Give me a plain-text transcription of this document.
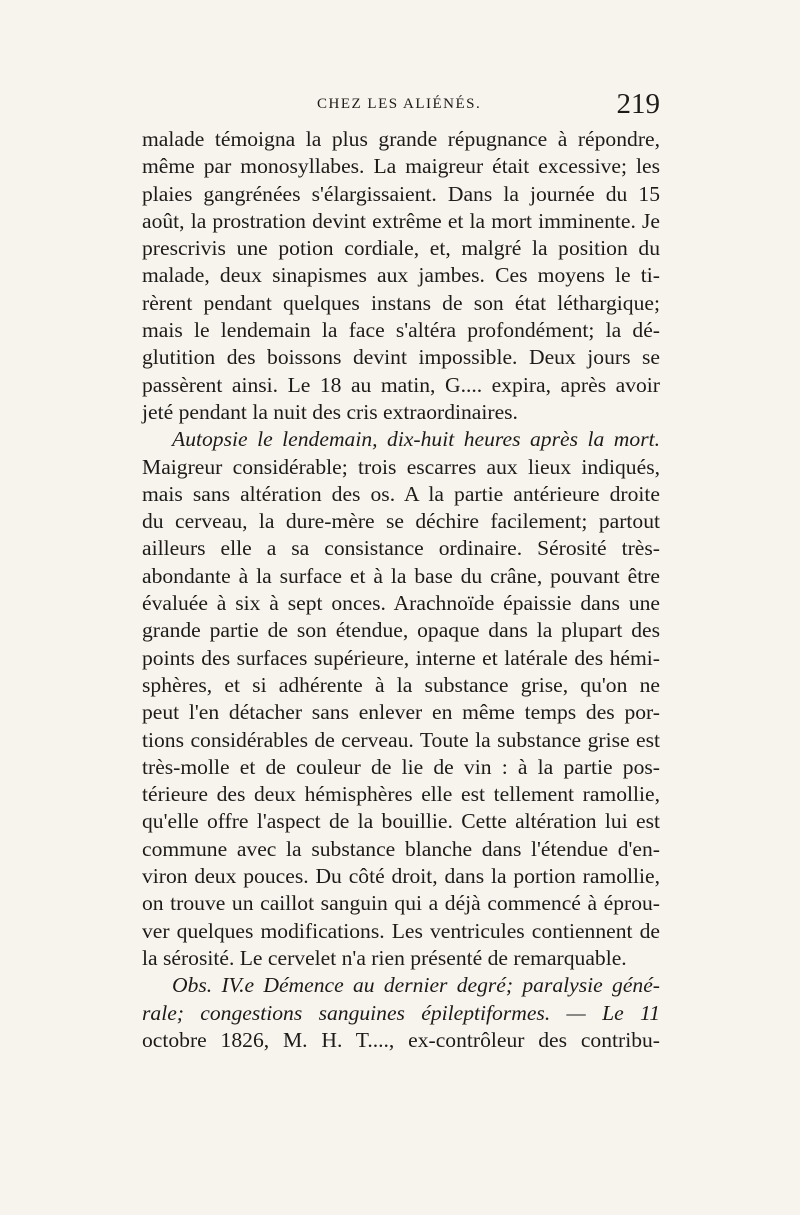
CHEZ LES ALIÉNÉS.	219
malade témoigna la plus grande répugnance à répondre,
même par monosyllabes. La maigreur était excessive; les
plaies gangrénées s'élargissaient. Dans la journée du 15
août, la prostration devint extrême et la mort imminente. Je
prescrivis une potion cordiale, et, malgré la position du
malade, deux sinapismes aux jambes. Ces moyens le ti-
rèrent pendant quelques instans de son état léthargique;
mais le lendemain la face s'altéra profondément; la dé-
glutition des boissons devint impossible. Deux jours se
passèrent ainsi. Le 18 au matin, G.... expira, après avoir
jeté pendant la nuit des cris extraordinaires.
Autopsie le lendemain, dix-huit heures après la mort.
Maigreur considérable; trois escarres aux lieux indiqués,
mais sans altération des os. A la partie antérieure droite
du cerveau, la dure-mère se déchire facilement; partout
ailleurs elle a sa consistance ordinaire. Sérosité très-
abondante à la surface et à la base du crâne, pouvant être
évaluée à six à sept onces. Arachnoïde épaissie dans une
grande partie de son étendue, opaque dans la plupart des
points des surfaces supérieure, interne et latérale des hémi-
sphères, et si adhérente à la substance grise, qu'on ne
peut l'en détacher sans enlever en même temps des por-
tions considérables de cerveau. Toute la substance grise est
très-molle et de couleur de lie de vin : à la partie pos-
térieure des deux hémisphères elle est tellement ramollie,
qu'elle offre l'aspect de la bouillie. Cette altération lui est
commune avec la substance blanche dans l'étendue d'en-
viron deux pouces. Du côté droit, dans la portion ramollie,
on trouve un caillot sanguin qui a déjà commencé à éprou-
ver quelques modifications. Les ventricules contiennent de
la sérosité. Le cervelet n'a rien présenté de remarquable.
Obs. IV.e Démence au dernier degré; paralysie géné-
rale; congestions sanguines épileptiformes. — Le 11
octobre 1826, M. H. T...., ex-contrôleur des contribu-
